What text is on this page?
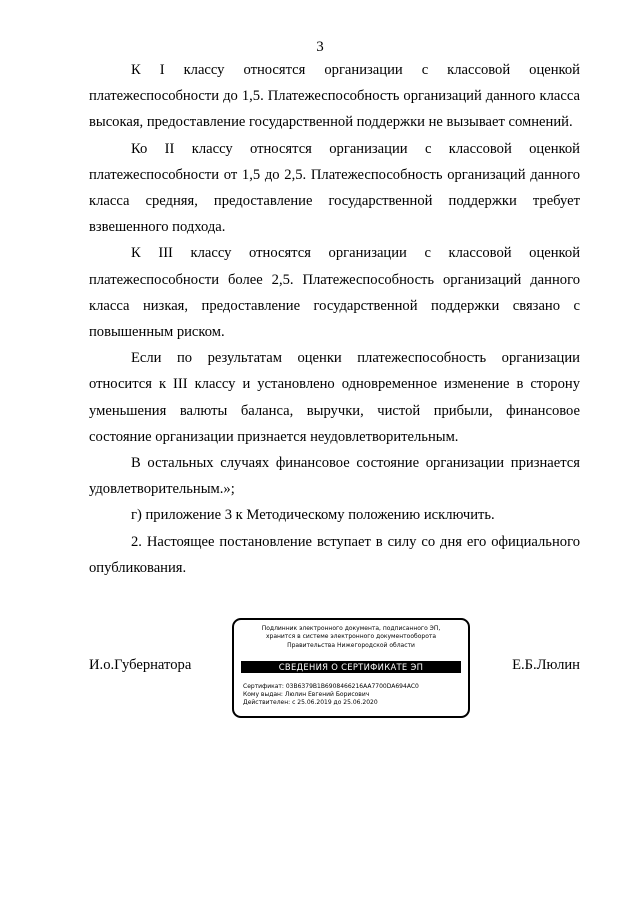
3

К I классу относятся организации с классовой оценкой платежеспособности до 1,5. Платежеспособность организаций данного класса высокая, предоставление государственной поддержки не вызывает сомнений.

Ко II классу относятся организации с классовой оценкой платежеспособности от 1,5 до 2,5. Платежеспособность организаций данного класса средняя, предоставление государственной поддержки требует взвешенного подхода.

К III классу относятся организации с классовой оценкой платежеспособности более 2,5. Платежеспособность организаций данного класса низкая, предоставление государственной поддержки связано с повышенным риском.

Если по результатам оценки платежеспособность организации относится к III классу и установлено одновременное изменение в сторону уменьшения валюты баланса, выручки, чистой прибыли, финансовое состояние организации признается неудовлетворительным.

В остальных случаях финансовое состояние организации признается удовлетворительным.»;

г) приложение 3 к Методическому положению исключить.

2. Настоящее постановление вступает в силу со дня его официального опубликования.

И.о.Губернатора	Е.Б.Люлин
Подлинник электронного документа, подписанного ЭП,
хранится в системе электронного документооборота
Правительства Нижегородской области
СВЕДЕНИЯ О СЕРТИФИКАТЕ ЭП
Сертификат: 03B6379B1B6908466216AA7700DA694AC0
Кому выдан: Люлин Евгений Борисович
Действителен: с 25.06.2019 до 25.06.2020
